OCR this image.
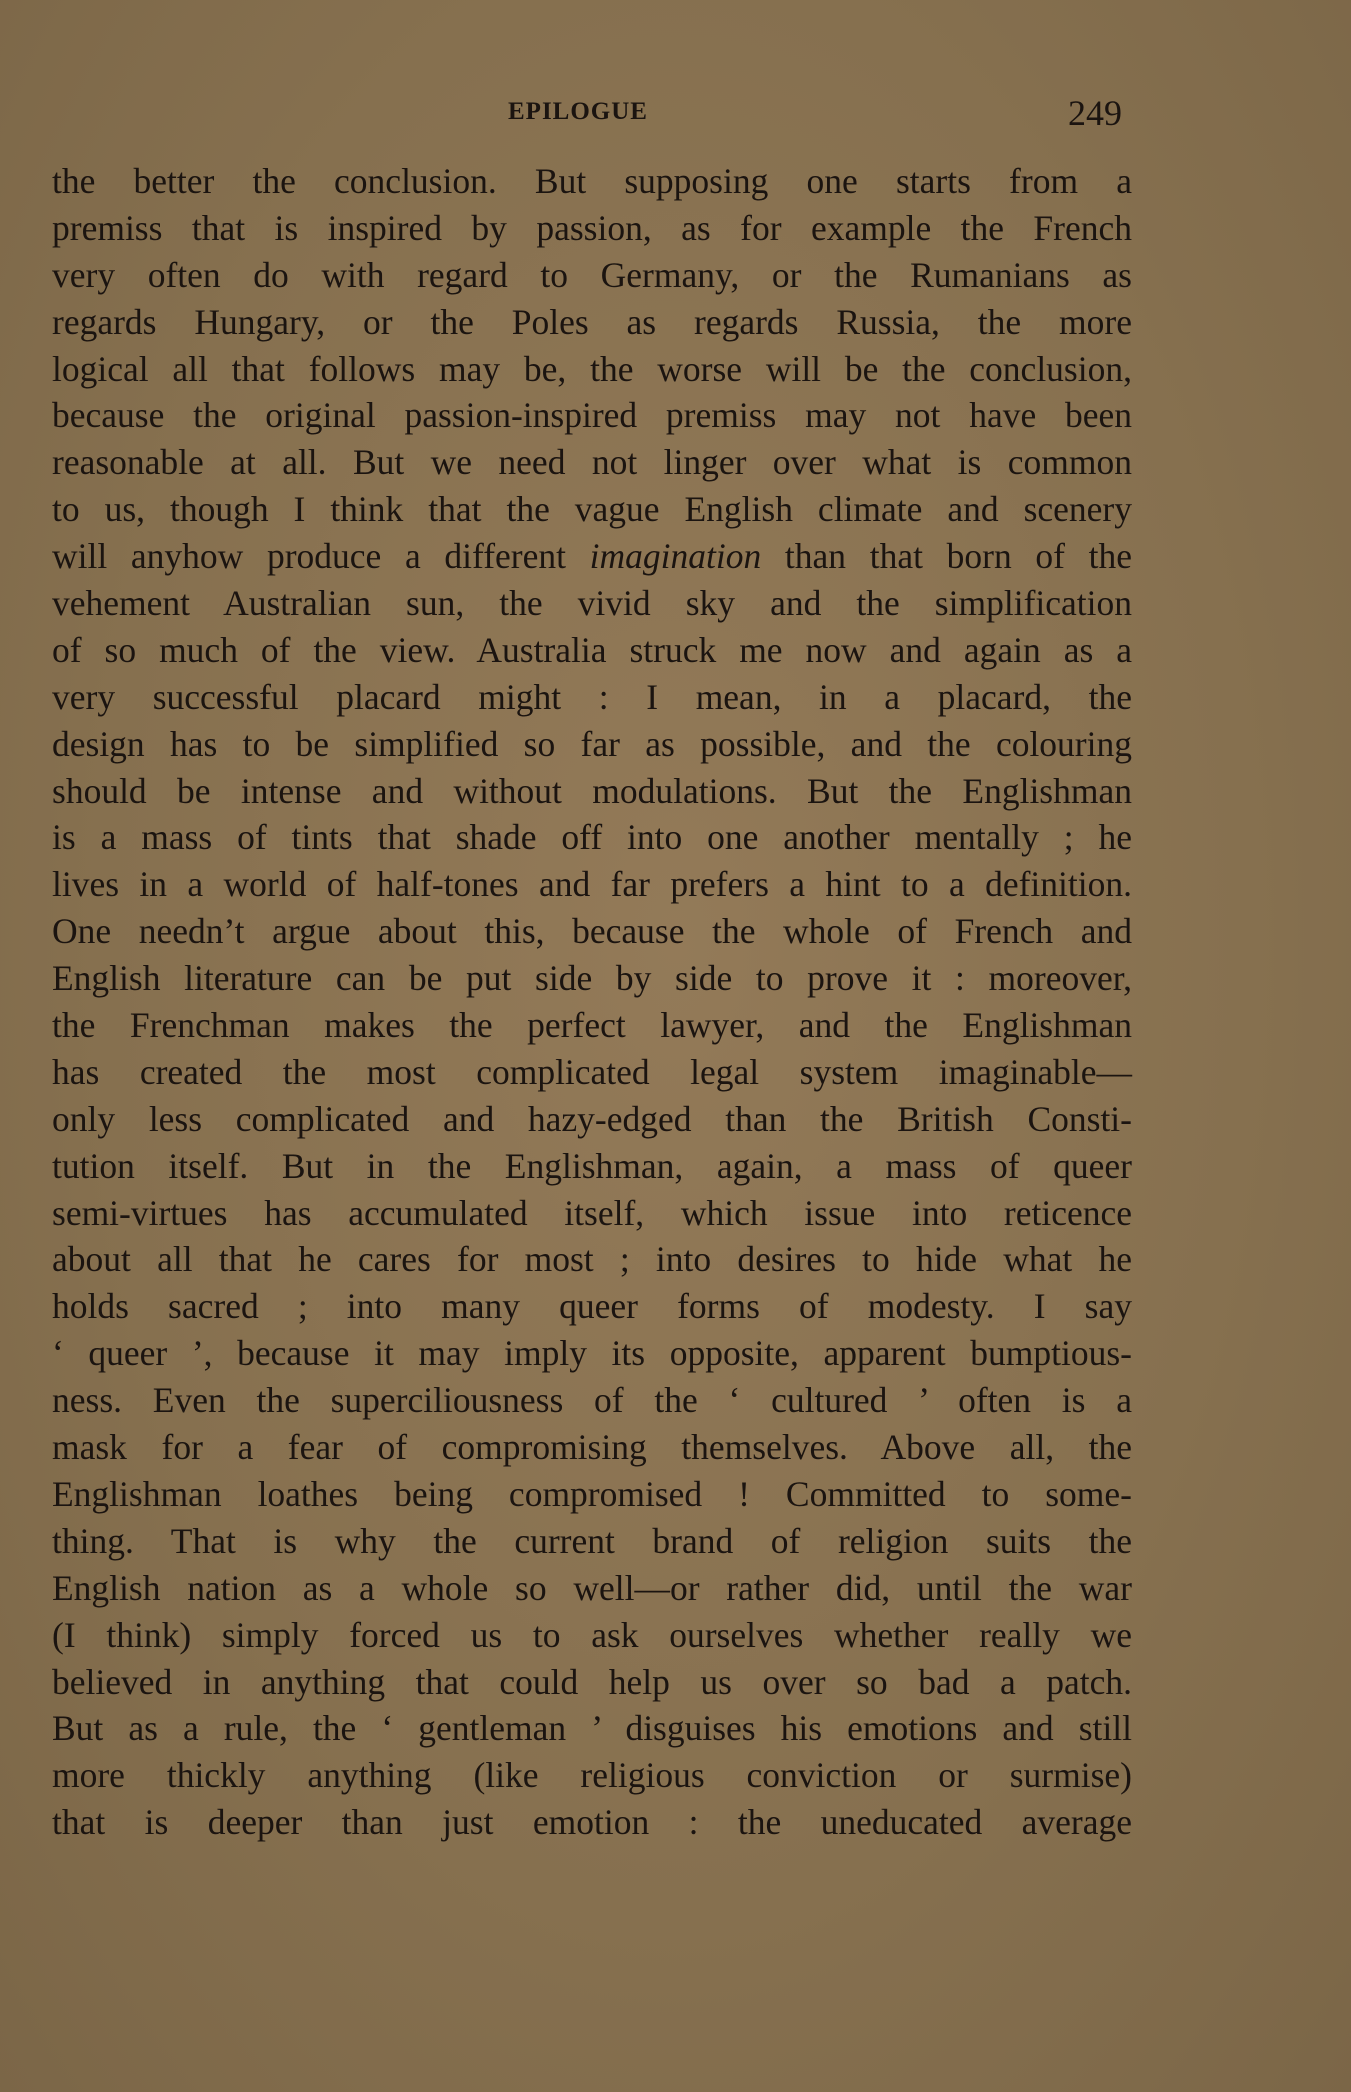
EPILOGUE	249
the better the conclusion. But supposing one starts from a
premiss that is inspired by passion, as for example the French
very often do with regard to Germany, or the Rumanians as
regards Hungary, or the Poles as regards Russia, the more
logical all that follows may be, the worse will be the conclusion,
because the original passion-inspired premiss may not have been
reasonable at all. But we need not linger over what is common
to us, though I think that the vague English climate and scenery
will anyhow produce a different imagination than that born of the
vehement Australian sun, the vivid sky and the simplification
of so much of the view. Australia struck me now and again as a
very successful placard might : I mean, in a placard, the
design has to be simplified so far as possible, and the colouring
should be intense and without modulations. But the Englishman
is a mass of tints that shade off into one another mentally ; he
lives in a world of half-tones and far prefers a hint to a definition.
One needn’t argue about this, because the whole of French and
English literature can be put side by side to prove it : moreover,
the Frenchman makes the perfect lawyer, and the Englishman
has created the most complicated legal system imaginable—
only less complicated and hazy-edged than the British Consti-
tution itself. But in the Englishman, again, a mass of queer
semi-virtues has accumulated itself, which issue into reticence
about all that he cares for most ; into desires to hide what he
holds sacred ; into many queer forms of modesty. I say
‘ queer ’, because it may imply its opposite, apparent bumptious-
ness. Even the superciliousness of the ‘ cultured ’ often is a
mask for a fear of compromising themselves. Above all, the
Englishman loathes being compromised ! Committed to some-
thing. That is why the current brand of religion suits the
English nation as a whole so well—or rather did, until the war
(I think) simply forced us to ask ourselves whether really we
believed in anything that could help us over so bad a patch.
But as a rule, the ‘ gentleman ’ disguises his emotions and still
more thickly anything (like religious conviction or surmise)
that is deeper than just emotion : the uneducated average
